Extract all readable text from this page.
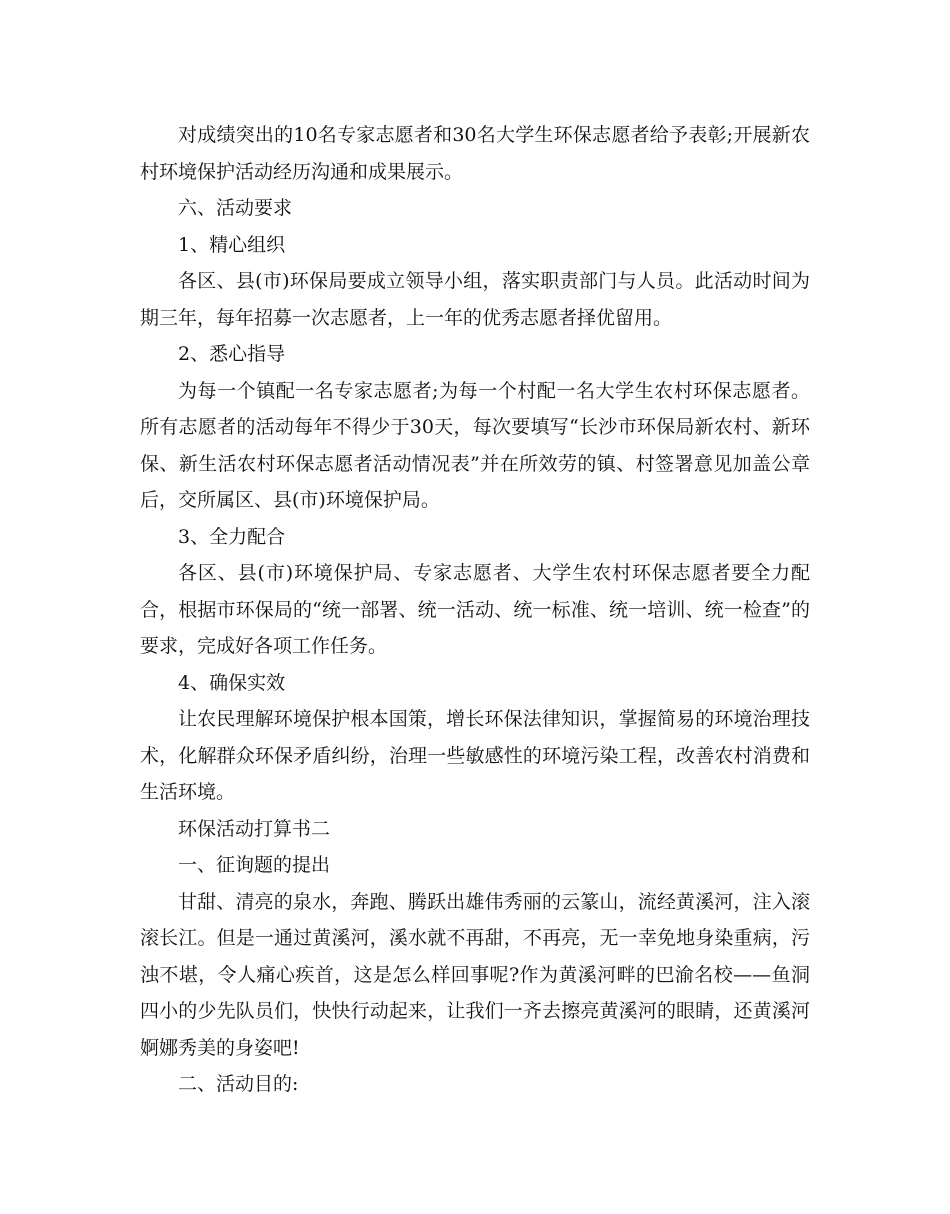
对成绩突出的10名专家志愿者和30名大学生环保志愿者给予表彰;开展新农村环境保护活动经历沟通和成果展示。

六、活动要求

1、精心组织

各区、县(市)环保局要成立领导小组，落实职责部门与人员。此活动时间为期三年，每年招募一次志愿者，上一年的优秀志愿者择优留用。

2、悉心指导

为每一个镇配一名专家志愿者;为每一个村配一名大学生农村环保志愿者。所有志愿者的活动每年不得少于30天，每次要填写“长沙市环保局新农村、新环保、新生活农村环保志愿者活动情况表”并在所效劳的镇、村签署意见加盖公章后，交所属区、县(市)环境保护局。

3、全力配合

各区、县(市)环境保护局、专家志愿者、大学生农村环保志愿者要全力配合，根据市环保局的“统一部署、统一活动、统一标准、统一培训、统一检查”的要求，完成好各项工作任务。

4、确保实效

让农民理解环境保护根本国策，增长环保法律知识，掌握简易的环境治理技术，化解群众环保矛盾纠纷，治理一些敏感性的环境污染工程，改善农村消费和生活环境。

环保活动打算书二

一、征询题的提出

甘甜、清亮的泉水，奔跑、腾跃出雄伟秀丽的云篆山，流经黄溪河，注入滚滚长江。但是一通过黄溪河，溪水就不再甜，不再亮，无一幸免地身染重病，污浊不堪，令人痛心疾首，这是怎么样回事呢?作为黄溪河畔的巴渝名校——鱼洞四小的少先队员们，快快行动起来，让我们一齐去擦亮黄溪河的眼睛，还黄溪河婀娜秀美的身姿吧!

二、活动目的:
